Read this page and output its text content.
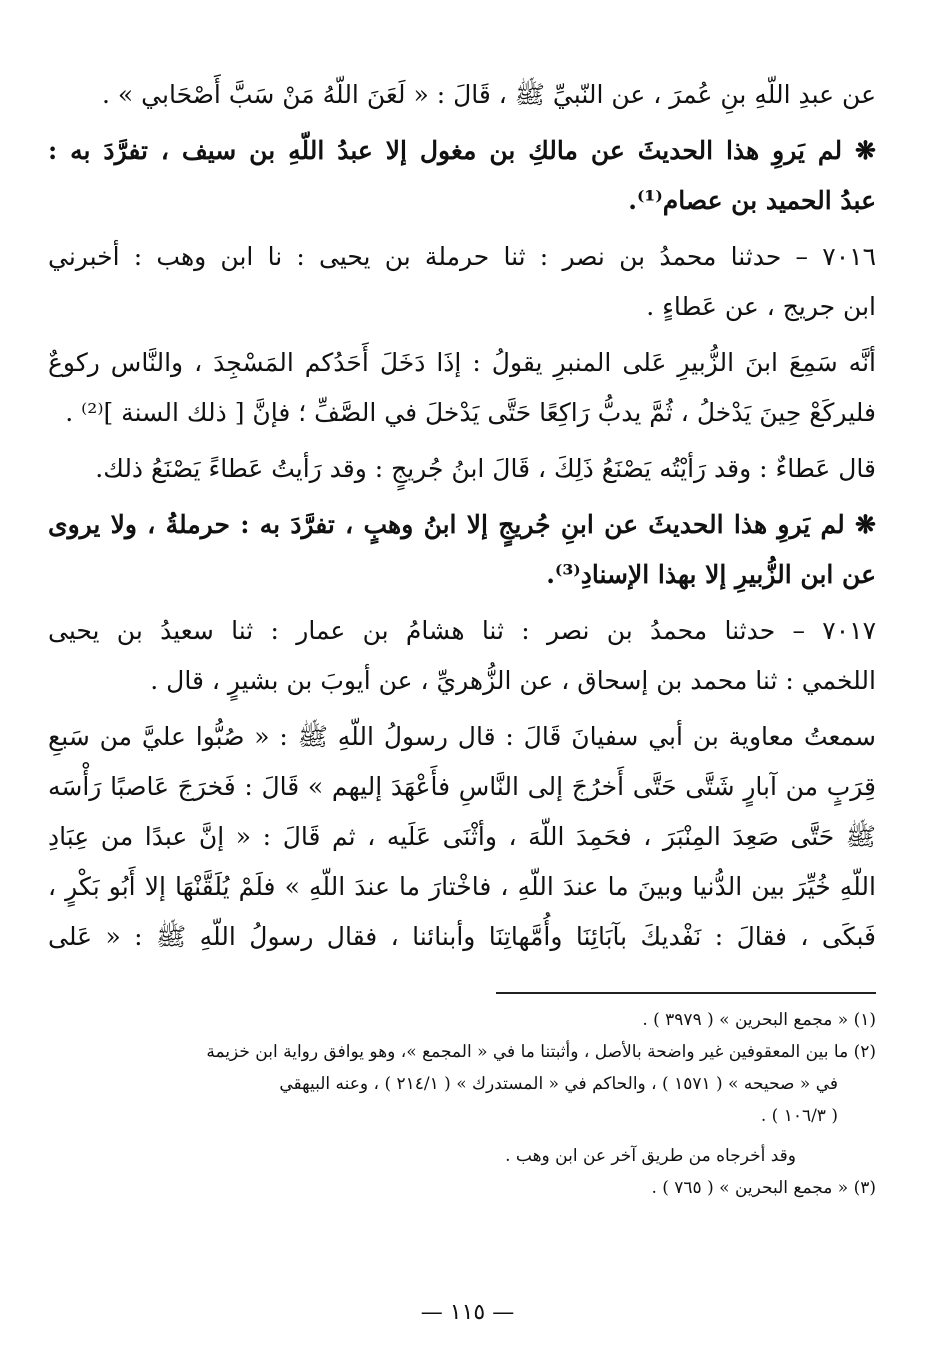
عن عبدِ اللّهِ بنِ عُمرَ ، عن النّبيِّ ﷺ ، قَالَ : « لَعَنَ اللّهُ مَنْ سَبَّ أَصْحَابي » .
❋ لم يَروِ هذا الحديثَ عن مالكِ بن مغول إلا عبدُ اللّهِ بن سيف ، تفرَّدَ به :
عبدُ الحميد بن عصام⁽¹⁾.
٧٠١٦ – حدثنا محمدُ بن نصر : ثنا حرملة بن يحيى : نا ابن وهب : أخبرني
ابن جريج ، عن عَطاءٍ .
أنَّه سَمِعَ ابنَ الزُّبيرِ عَلى المنبرِ يقولُ : إذَا دَخَلَ أَحَدُكم المَسْجِدَ ، والنَّاس ركوعٌ
فليركَعْ حِينَ يَدْخلُ ، ثُمَّ يدبُّ رَاكِعًا حَتَّى يَدْخلَ في الصَّفِّ ؛ فإنَّ [ ذلك السنة ]⁽²⁾ .
قال عَطاءٌ : وقد رَأيْتُه يَصْنَعُ ذَلِكَ ، قَالَ ابنُ جُريجٍ : وقد رَأيتُ عَطاءً يَصْنَعُ ذلك.
❋ لم يَروِ هذا الحديثَ عن ابنِ جُريجٍ إلا ابنُ وهبٍ ، تفرَّدَ به : حرملةُ ، ولا يروى
عن ابن الزُّبيرِ إلا بهذا الإسنادِ⁽³⁾.
٧٠١٧ – حدثنا محمدُ بن نصر : ثنا هشامُ بن عمار : ثنا سعيدُ بن يحيى
اللخمي : ثنا محمد بن إسحاق ، عن الزُّهريِّ ، عن أيوبَ بن بشيرٍ ، قال .
سمعتُ معاوية بن أبي سفيانَ قَالَ : قال رسولُ اللّهِ ﷺ : « صُبُّوا عليَّ من سَبعِ
قِرَبٍ من آبارٍ شَتَّى حَتَّى أَخرُجَ إلى النَّاسِ فأَعْهَدَ إليهم » قَالَ : فَخرَجَ عَاصبًا رَأْسَه
ﷺ حَتَّى صَعِدَ المِنْبَرَ ، فحَمِدَ اللّهَ ، وأثْنَى عَلَيه ، ثم قَالَ : « إنَّ عبدًا من عِبَادِ
اللّهِ خُيِّرَ بين الدُّنيا وبينَ ما عندَ اللّهِ ، فاخْتارَ ما عندَ اللّهِ » فلَمْ يُلَقَّنْهَا إلا أَبُو بَكْرٍ ،
فَبكَى ، فقالَ : نَفْديكَ بآبَائِنَا وأُمَّهاتِنَا وأبنائنا ، فقال رسولُ اللّهِ ﷺ : « عَلى
(١) « مجمع البحرين » ( ٣٩٧٩ ) .
(٢) ما بين المعقوفين غير واضحة بالأصل ، وأثبتنا ما في « المجمع »، وهو يوافق رواية ابن خزيمة
في « صحيحه » ( ١٥٧١ ) ، والحاكم في « المستدرك » ( ٢١٤/١ ) ، وعنه البيهقي
( ١٠٦/٣ ) .
وقد أخرجاه من طريق آخر عن ابن وهب .
(٣) « مجمع البحرين » ( ٧٦٥ ) .
— ١١٥ —
